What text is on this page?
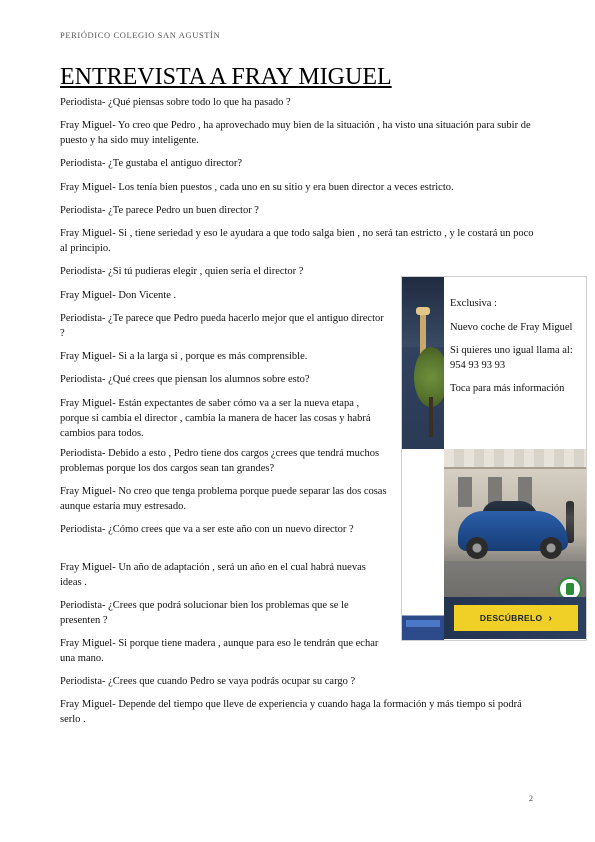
PERIÓDICO COLEGIO SAN AGUSTÍN
ENTREVISTA A FRAY MIGUEL

Periodista- ¿Qué piensas sobre todo lo que ha pasado ?

Fray Miguel- Yo creo que Pedro , ha aprovechado muy bien de la situación , ha visto una situación para subir de puesto y ha sido muy inteligente.

Periodista- ¿Te gustaba el antiguo director?

Fray Miguel- Los tenía bien puestos , cada uno en su sitio y era buen director a veces estricto.

Periodista- ¿Te parece Pedro un buen director ?

Fray Miguel- Si , tiene seriedad y eso le ayudara a que todo salga bien , no será tan estricto , y le costará un poco al principio.

Periodista- ¿Si tú pudieras elegir , quien sería el director ?

Fray Miguel- Don Vicente .

Periodista- ¿Te parece que Pedro pueda hacerlo mejor que el antiguo director ?

Fray Miguel- Si a la larga si , porque es más comprensible.

Periodista- ¿Qué crees que piensan los alumnos sobre esto?

Fray Miguel- Están expectantes de saber cómo va a ser la nueva etapa , porque si cambia el director , cambia la manera de hacer las cosas y habrá cambios para todos.

Periodista- Debido a esto , Pedro tiene dos cargos ¿crees que tendrá muchos problemas porque los dos cargos sean tan grandes?

Fray Miguel- No creo que tenga problema porque puede separar las dos cosas aunque estaría muy estresado.

Periodista- ¿Cómo crees que va a ser este año con un nuevo director ?

Fray Miguel- Un año de adaptación , será un año en el cual habrá nuevas ideas .

Periodista- ¿Crees que podrá solucionar bien los problemas que se le presenten ?

Fray Miguel- Si porque tiene madera , aunque para eso le tendrán que echar una mano.

Periodista- ¿Crees que cuando Pedro se vaya podrás ocupar su cargo ?

Fray Miguel- Depende del tiempo que lleve de experiencia y cuando haga la formación y más tiempo si podrá serlo .

Exclusiva :

Nuevo coche de Fray Miguel

Si quieres uno igual llama al: 954 93 93 93

Toca para más información

DESCÚBRELO ›
2
